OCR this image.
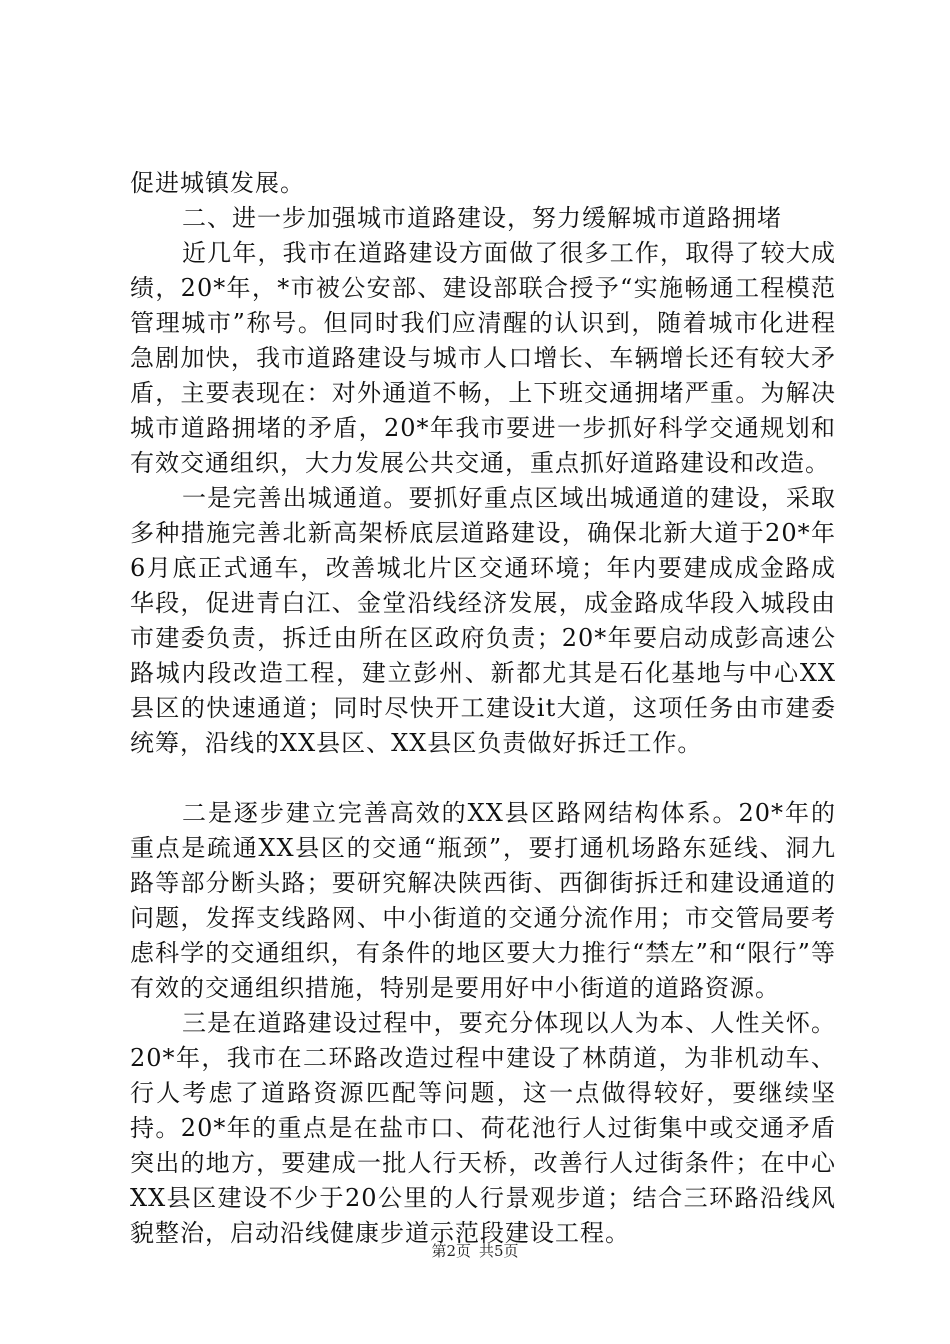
促进城镇发展。

二、进一步加强城市道路建设，努力缓解城市道路拥堵

近几年，我市在道路建设方面做了很多工作，取得了较大成绩，20*年，*市被公安部、建设部联合授予“实施畅通工程模范管理城市”称号。但同时我们应清醒的认识到，随着城市化进程急剧加快，我市道路建设与城市人口增长、车辆增长还有较大矛盾，主要表现在：对外通道不畅，上下班交通拥堵严重。为解决城市道路拥堵的矛盾，20*年我市要进一步抓好科学交通规划和有效交通组织，大力发展公共交通，重点抓好道路建设和改造。

一是完善出城通道。要抓好重点区域出城通道的建设，采取多种措施完善北新高架桥底层道路建设，确保北新大道于20*年6月底正式通车，改善城北片区交通环境；年内要建成成金路成华段，促进青白江、金堂沿线经济发展，成金路成华段入城段由市建委负责，拆迁由所在区政府负责；20*年要启动成彭高速公路城内段改造工程，建立彭州、新都尤其是石化基地与中心XX县区的快速通道；同时尽快开工建设it大道，这项任务由市建委统筹，沿线的XX县区、XX县区负责做好拆迁工作。

二是逐步建立完善高效的XX县区路网结构体系。20*年的重点是疏通XX县区的交通“瓶颈”，要打通机场路东延线、洞九路等部分断头路；要研究解决陕西街、西御街拆迁和建设通道的问题，发挥支线路网、中小街道的交通分流作用；市交管局要考虑科学的交通组织，有条件的地区要大力推行“禁左”和“限行”等有效的交通组织措施，特别是要用好中小街道的道路资源。

三是在道路建设过程中，要充分体现以人为本、人性关怀。20*年，我市在二环路改造过程中建设了林荫道，为非机动车、行人考虑了道路资源匹配等问题，这一点做得较好，要继续坚持。20*年的重点是在盐市口、荷花池行人过街集中或交通矛盾突出的地方，要建成一批人行天桥，改善行人过街条件；在中心XX县区建设不少于20公里的人行景观步道；结合三环路沿线风貌整治，启动沿线健康步道示范段建设工程。

第2页 共5页
